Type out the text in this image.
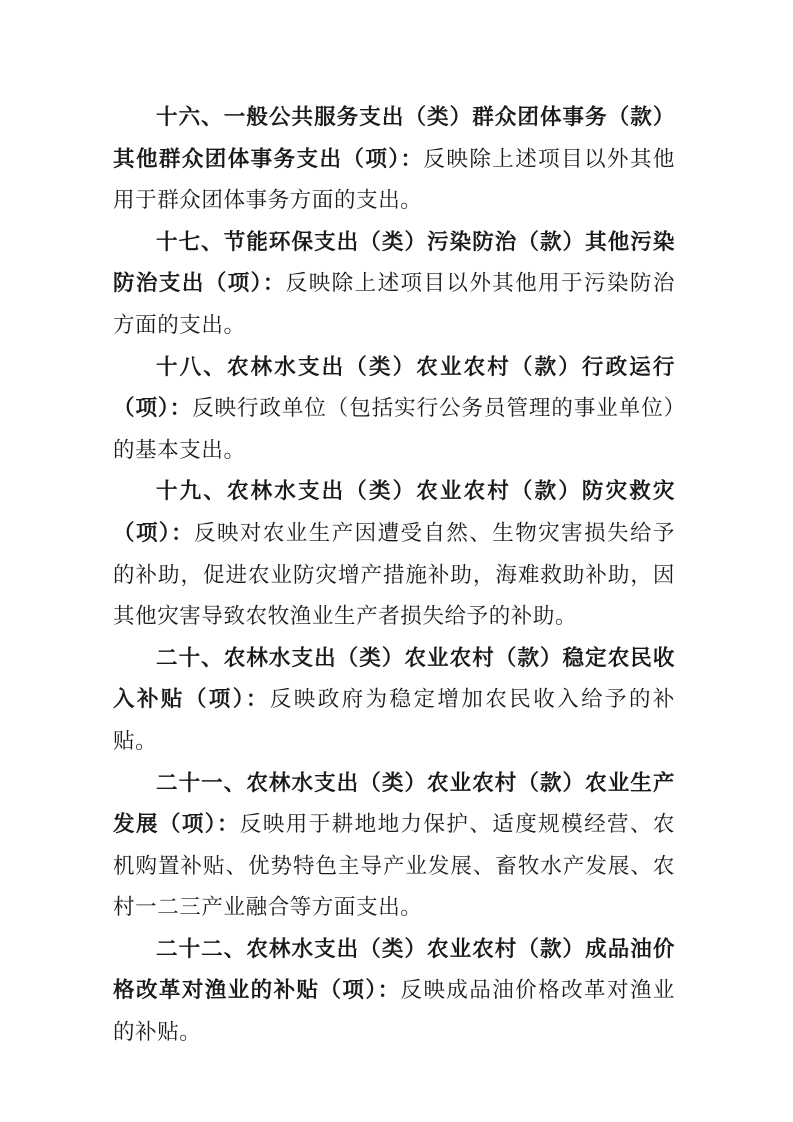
十六、一般公共服务支出（类）群众团体事务（款）其他群众团体事务支出（项）：反映除上述项目以外其他用于群众团体事务方面的支出。

十七、节能环保支出（类）污染防治（款）其他污染防治支出（项）：反映除上述项目以外其他用于污染防治方面的支出。

十八、农林水支出（类）农业农村（款）行政运行（项）：反映行政单位（包括实行公务员管理的事业单位）的基本支出。

十九、农林水支出（类）农业农村（款）防灾救灾（项）：反映对农业生产因遭受自然、生物灾害损失给予的补助，促进农业防灾增产措施补助，海难救助补助，因其他灾害导致农牧渔业生产者损失给予的补助。

二十、农林水支出（类）农业农村（款）稳定农民收入补贴（项）：反映政府为稳定增加农民收入给予的补贴。

二十一、农林水支出（类）农业农村（款）农业生产发展（项）：反映用于耕地地力保护、适度规模经营、农机购置补贴、优势特色主导产业发展、畜牧水产发展、农村一二三产业融合等方面支出。

二十二、农林水支出（类）农业农村（款）成品油价格改革对渔业的补贴（项）：反映成品油价格改革对渔业的补贴。
